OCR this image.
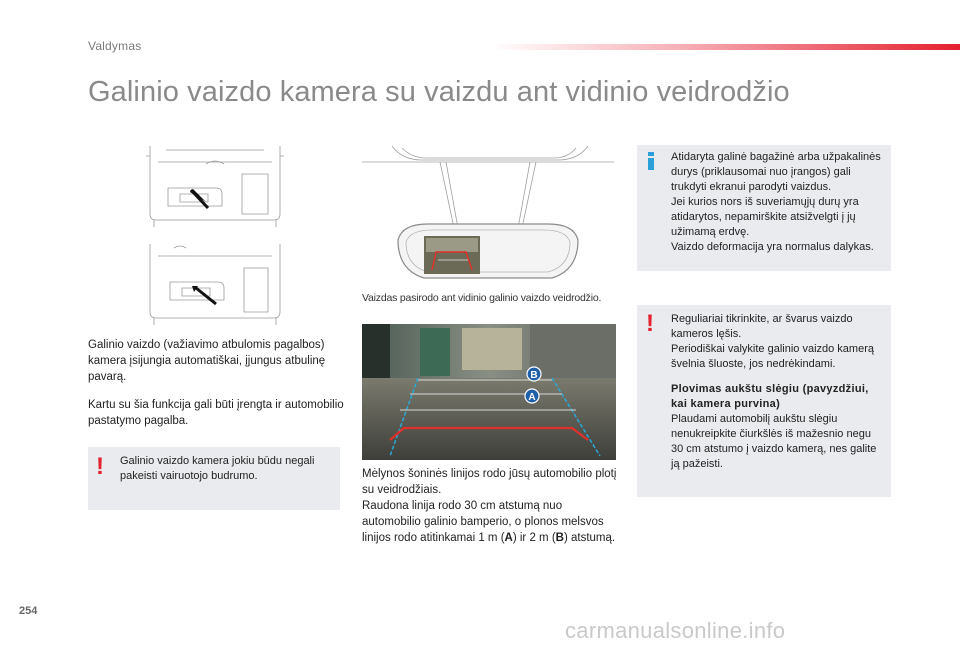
Valdymas
Galinio vaizdo kamera su vaizdu ant vidinio veidrodžio
Vaizdas pasirodo ant vidinio galinio vaizdo veidrodžio.
B
A

Galinio vaizdo (važiavimo atbulomis pagalbos) kamera įsijungia automatiškai, įjungus atbulinę pavarą.

Kartu su šia funkcija gali būti įrengta ir automobilio pastatymo pagalba.

! Galinio vaizdo kamera jokiu būdu negali pakeisti vairuotojo budrumo.	Mėlynos šoninės linijos rodo jūsų automobilio plotį su veidrodžiais.
Raudona linija rodo 30 cm atstumą nuo automobilio galinio bamperio, o plonos melsvos linijos rodo atitinkamai 1 m (A) ir 2 m (B) atstumą.

Atidaryta galinė bagažinė arba užpakalinės durys (priklausomai nuo įrangos) gali trukdyti ekranui parodyti vaizdus.
Jei kurios nors iš suveriamųjų durų yra atidarytos, nepamirškite atsižvelgti į jų užimamą erdvę.
Vaizdo deformacija yra normalus dalykas.
! Reguliariai tikrinkite, ar švarus vaizdo kameros lęšis.
Periodiškai valykite galinio vaizdo kamerą švelnia šluoste, jos nedrėkindami.
Plovimas aukštu slėgiu (pavyzdžiui, kai kamera purvina)
Plaudami automobilį aukštu slėgiu nenukreipkite čiurkšlės iš mažesnio negu 30 cm atstumo į vaizdo kamerą, nes galite ją pažeisti.
254
carmanualsonline.info
